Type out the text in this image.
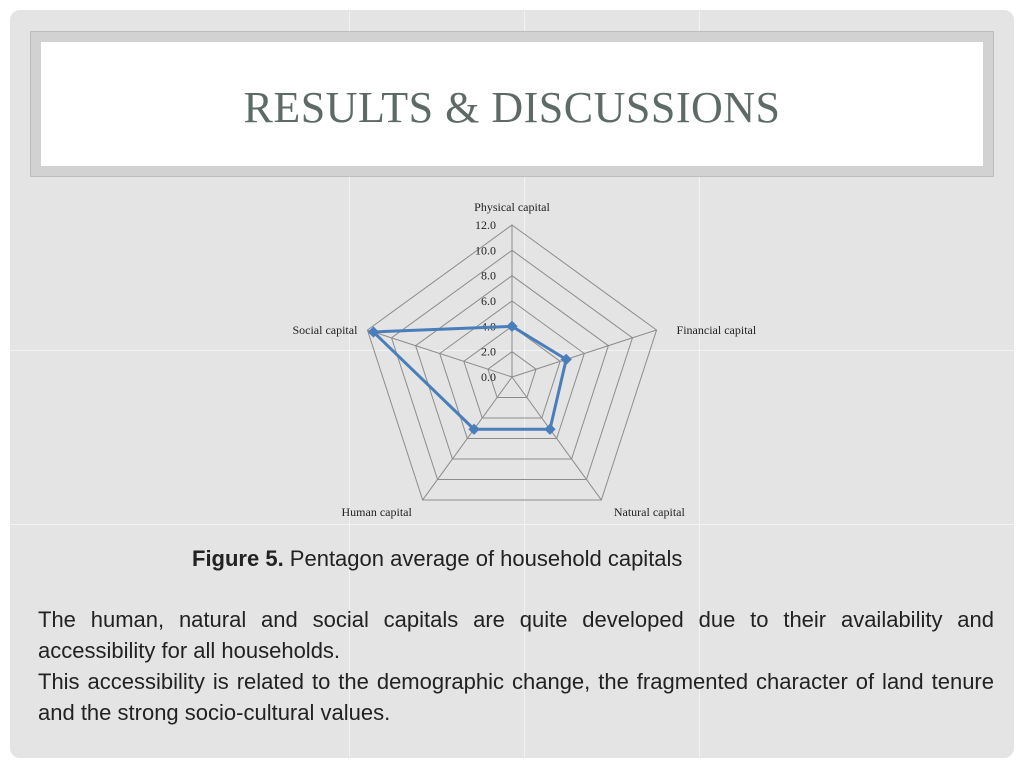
RESULTS & DISCUSSIONS
0.0
2.0
4.0
6.0
8.0
10.0
12.0
Physical capital
Financial capital
Natural capital
Human capital
Social capital
Figure 5. Pentagon average of household capitals
The human, natural and social capitals are quite developed due to their availability and accessibility for all households.
This accessibility is related to the demographic change, the fragmented character of land tenure and the strong socio-cultural values.
